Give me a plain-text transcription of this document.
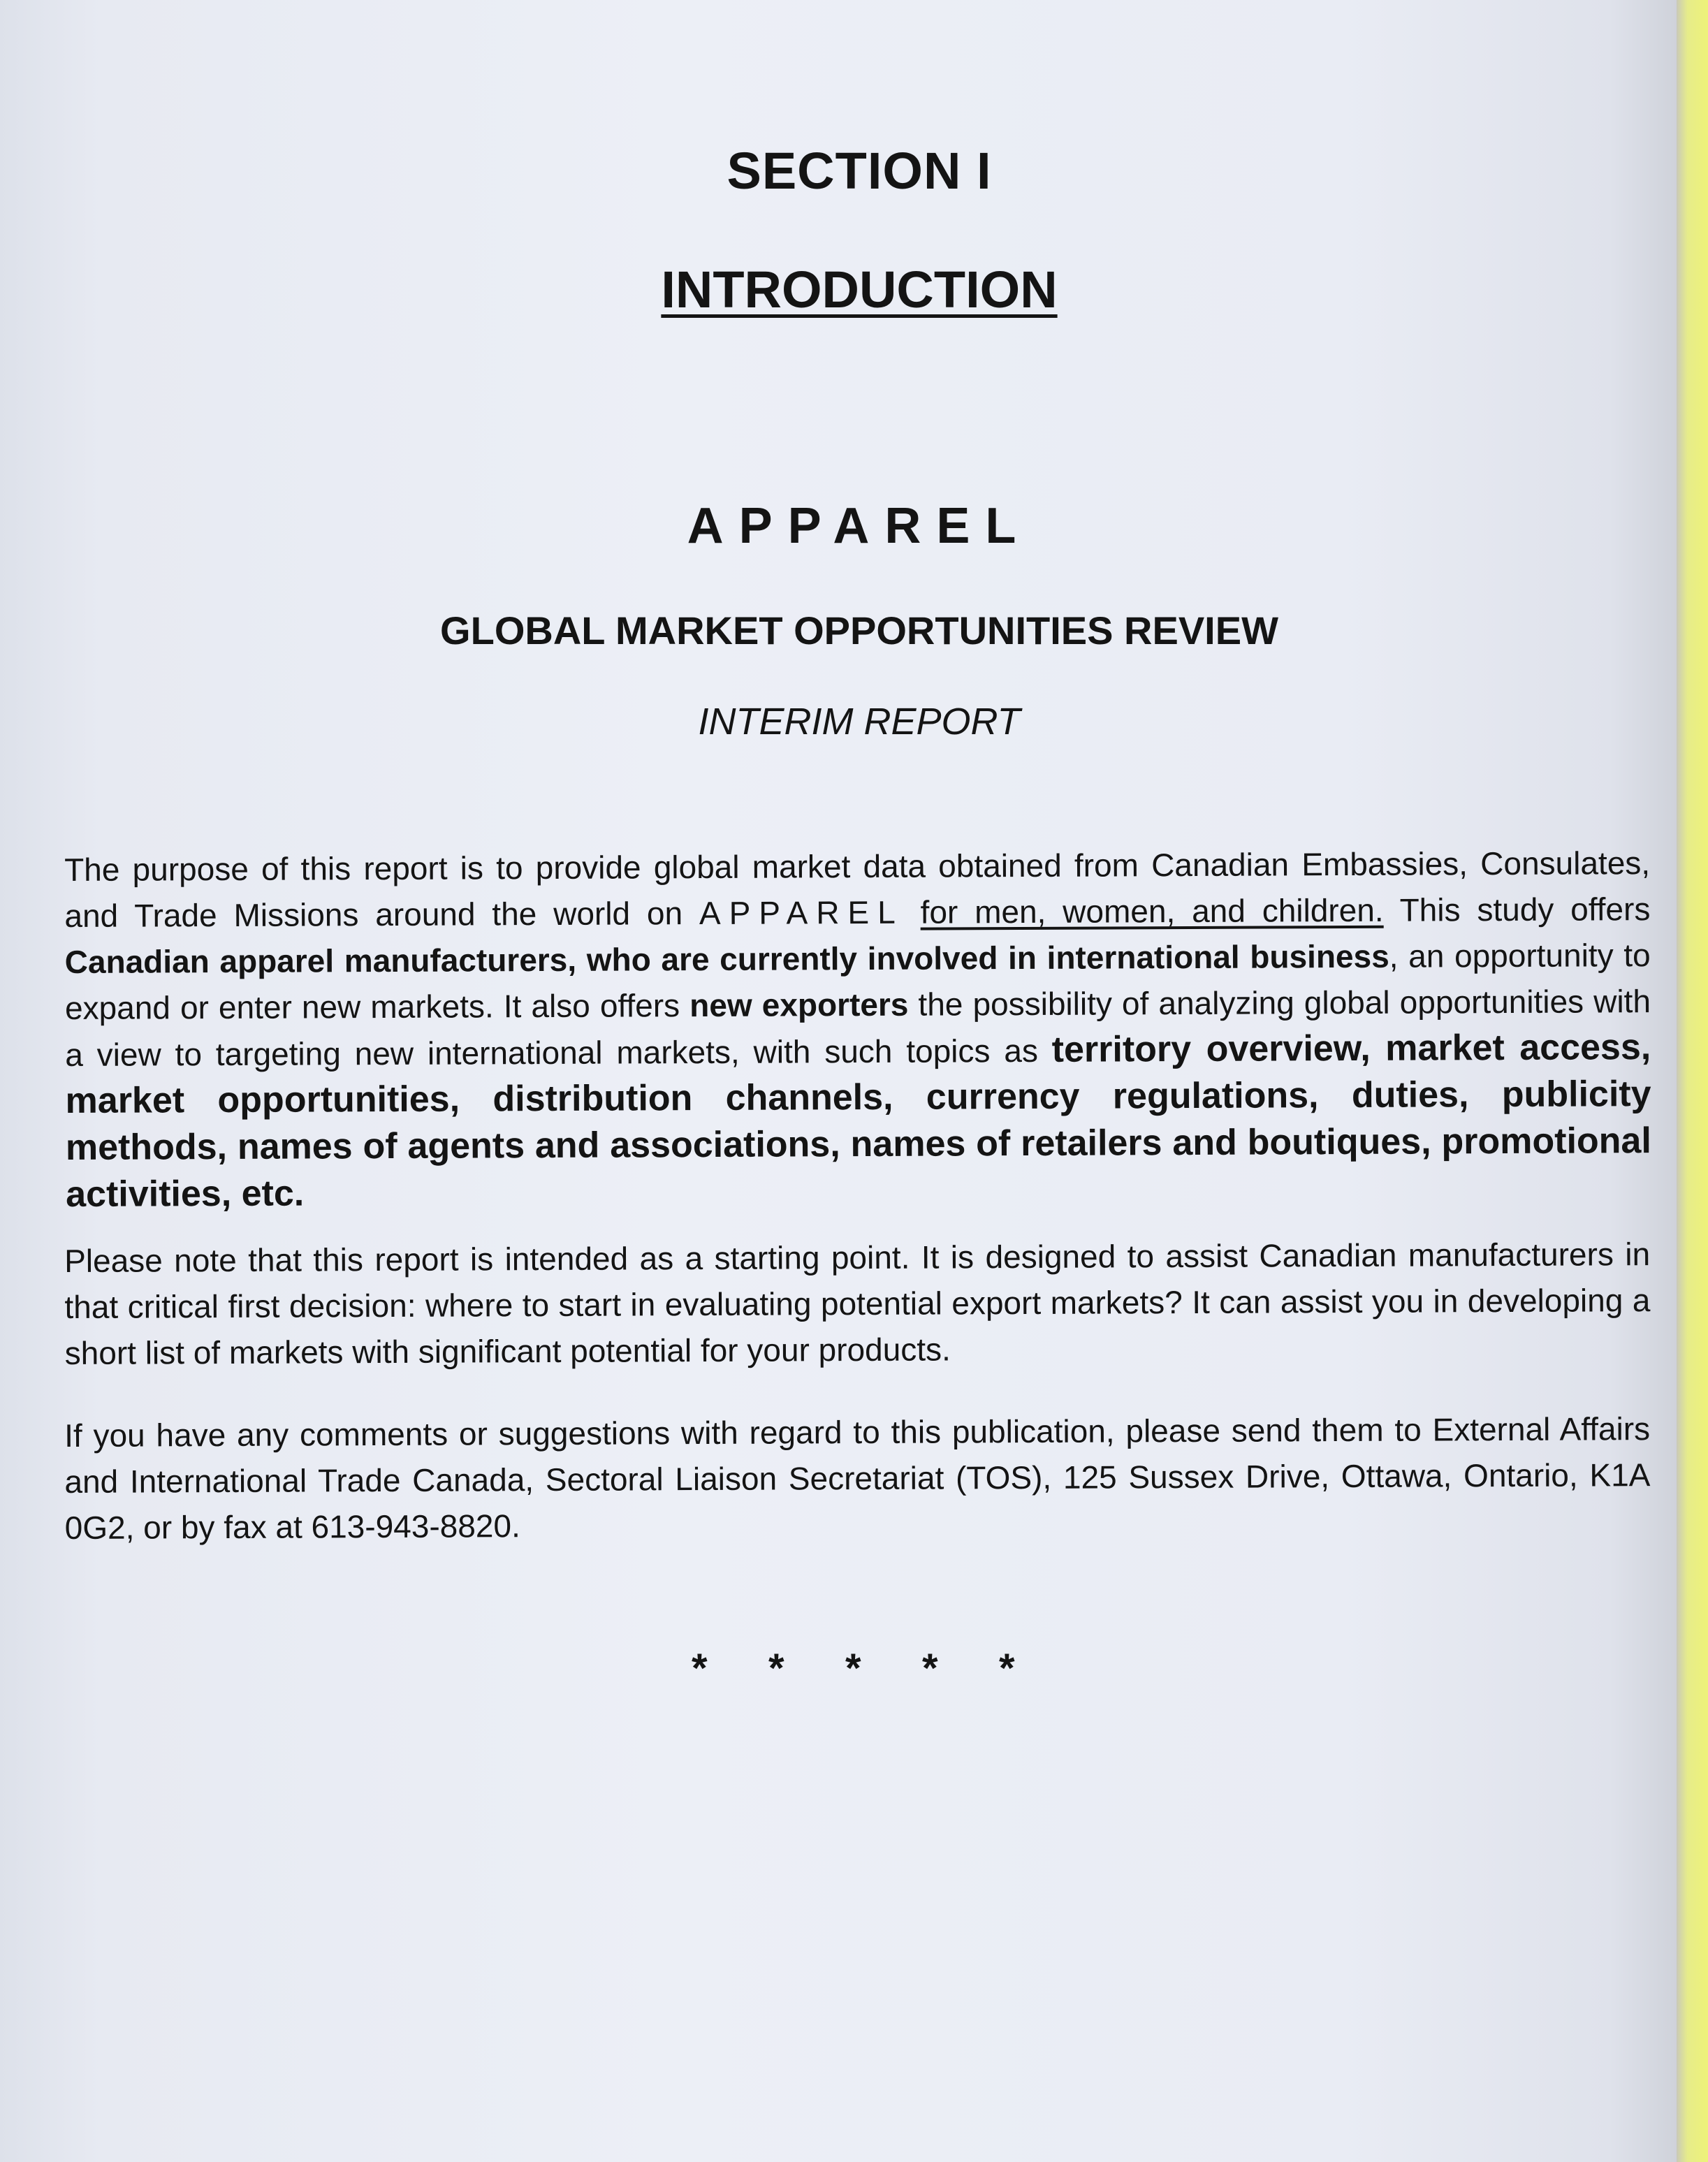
SECTION I
INTRODUCTION
APPAREL
GLOBAL MARKET OPPORTUNITIES REVIEW
INTERIM REPORT
The purpose of this report is to provide global market data obtained from Canadian Embassies, Consulates, and Trade Missions around the world on APPAREL for men, women, and children. This study offers Canadian apparel manufacturers, who are currently involved in international business, an opportunity to expand or enter new markets. It also offers new exporters the possibility of analyzing global opportunities with a view to targeting new international markets, with such topics as territory overview, market access, market opportunities, distribution channels, currency regulations, duties, publicity methods, names of agents and associations, names of retailers and boutiques, promotional activities, etc.
Please note that this report is intended as a starting point. It is designed to assist Canadian manufacturers in that critical first decision: where to start in evaluating potential export markets? It can assist you in developing a short list of markets with significant potential for your products.
If you have any comments or suggestions with regard to this publication, please send them to External Affairs and International Trade Canada, Sectoral Liaison Secretariat (TOS), 125 Sussex Drive, Ottawa, Ontario, K1A 0G2, or by fax at 613-943-8820.
* * * * *
